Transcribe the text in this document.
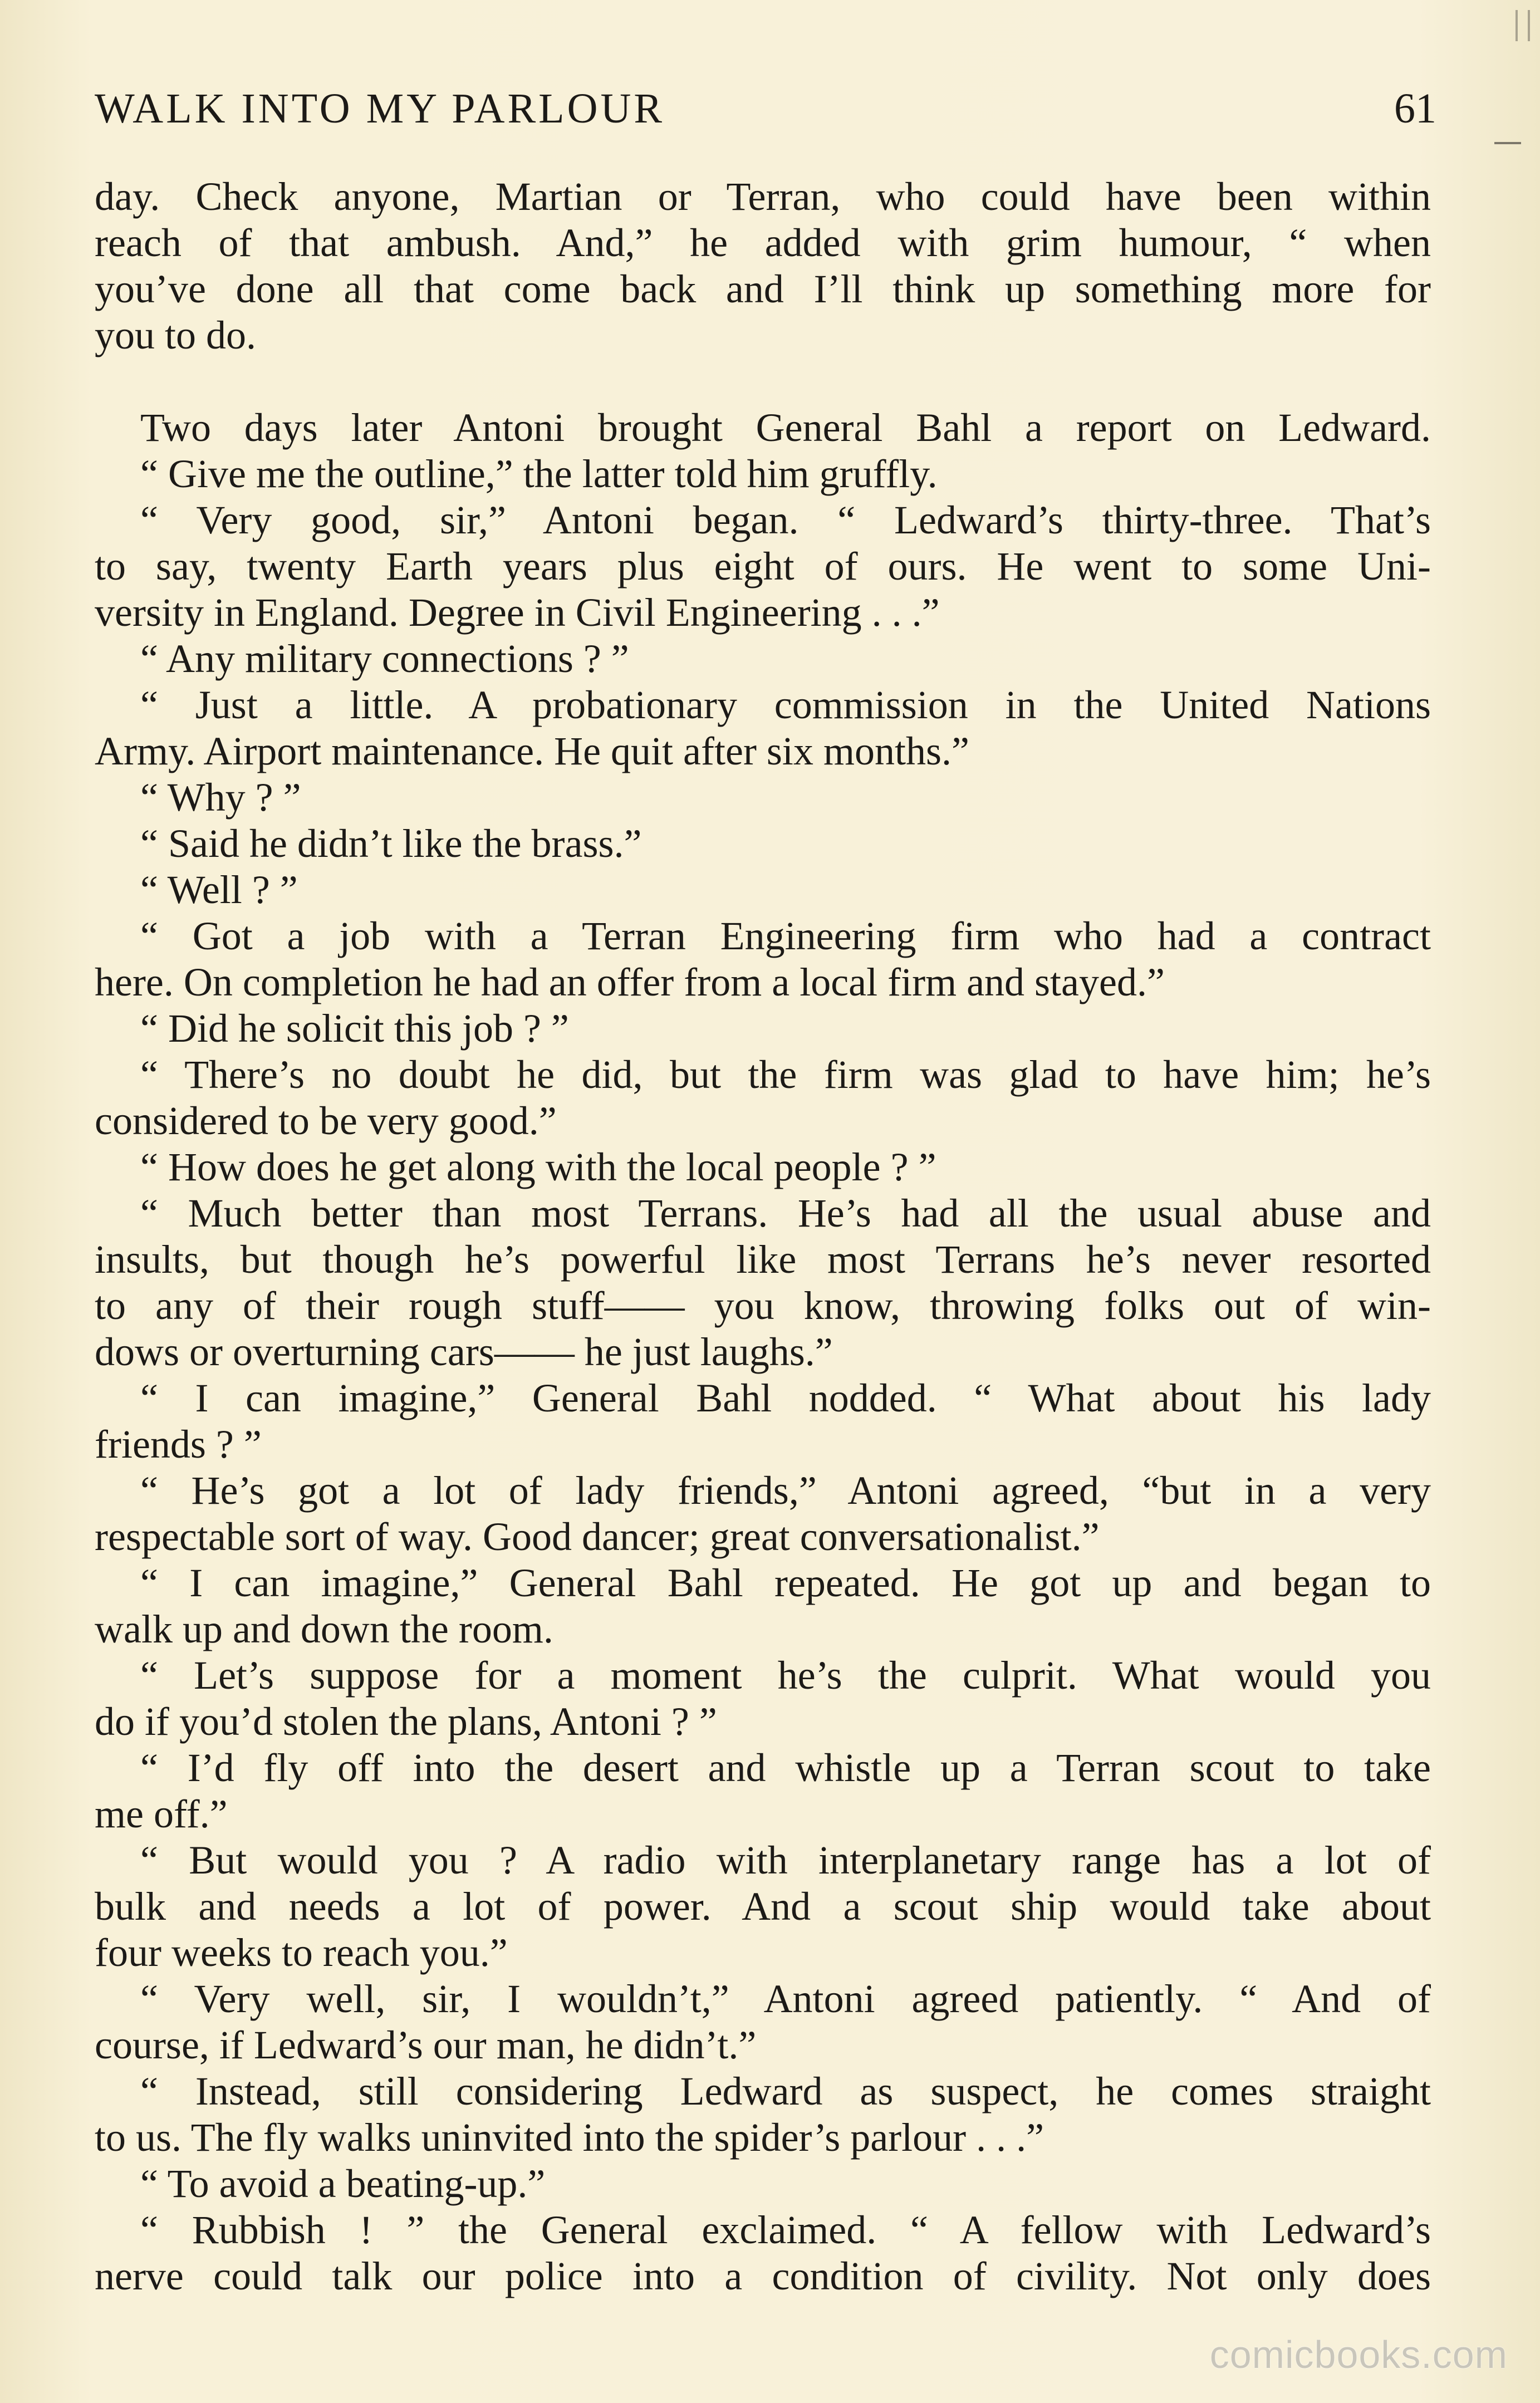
WALK INTO MY PARLOUR	61
day. Check anyone, Martian or Terran, who could have been within
reach of that ambush. And,” he added with grim humour, “ when
you’ve done all that come back and I’ll think up something more for
you to do.
Two days later Antoni brought General Bahl a report on Ledward.
“ Give me the outline,” the latter told him gruffly.
“ Very good, sir,” Antoni began. “ Ledward’s thirty-three. That’s
to say, twenty Earth years plus eight of ours. He went to some Uni-
versity in England. Degree in Civil Engineering . . .”
“ Any military connections ? ”
“ Just a little. A probationary commission in the United Nations
Army. Airport maintenance. He quit after six months.”
“ Why ? ”
“ Said he didn’t like the brass.”
“ Well ? ”
“ Got a job with a Terran Engineering firm who had a contract
here. On completion he had an offer from a local firm and stayed.”
“ Did he solicit this job ? ”
“ There’s no doubt he did, but the firm was glad to have him; he’s
considered to be very good.”
“ How does he get along with the local people ? ”
“ Much better than most Terrans. He’s had all the usual abuse and
insults, but though he’s powerful like most Terrans he’s never resorted
to any of their rough stuff—— you know, throwing folks out of win-
dows or overturning cars—— he just laughs.”
“ I can imagine,” General Bahl nodded. “ What about his lady
friends ? ”
“ He’s got a lot of lady friends,” Antoni agreed, “but in a very
respectable sort of way. Good dancer; great conversationalist.”
“ I can imagine,” General Bahl repeated. He got up and began to
walk up and down the room.
“ Let’s suppose for a moment he’s the culprit. What would you
do if you’d stolen the plans, Antoni ? ”
“ I’d fly off into the desert and whistle up a Terran scout to take
me off.”
“ But would you ? A radio with interplanetary range has a lot of
bulk and needs a lot of power. And a scout ship would take about
four weeks to reach you.”
“ Very well, sir, I wouldn’t,” Antoni agreed patiently. “ And of
course, if Ledward’s our man, he didn’t.”
“ Instead, still considering Ledward as suspect, he comes straight
to us. The fly walks uninvited into the spider’s parlour . . .”
“ To avoid a beating-up.”
“ Rubbish ! ” the General exclaimed. “ A fellow with Ledward’s
nerve could talk our police into a condition of civility. Not only does
comicbooks.com
